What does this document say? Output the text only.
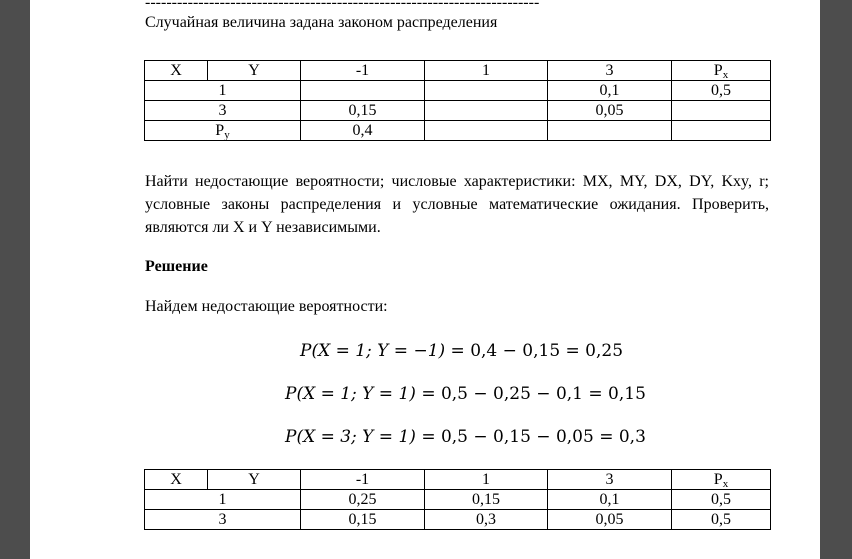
--------------------------------------------------------------------------
Случайная величина задана законом распределения
X	Y	-1	1	3	$P_x$
1				0,1	0,5
3		0,15		0,05	
$P_y$		0,4			
Найти недостающие вероятности; числовые характеристики: MX, MY, DX, DY, Kxy, r; условные законы распределения и условные математические ожидания. Проверить, являются ли X и Y независимыми.
Решение
Найдем недостающие вероятности:
P(X = 1; Y = −1) = 0,4 − 0,15 = 0,25
P(X = 1; Y = 1) = 0,5 − 0,25 − 0,1 = 0,15
P(X = 3; Y = 1) = 0,5 − 0,15 − 0,05 = 0,3
X	Y	-1	1	3	$P_x$
1		0,25	0,15	0,1	0,5
3		0,15	0,3	0,05	0,5
